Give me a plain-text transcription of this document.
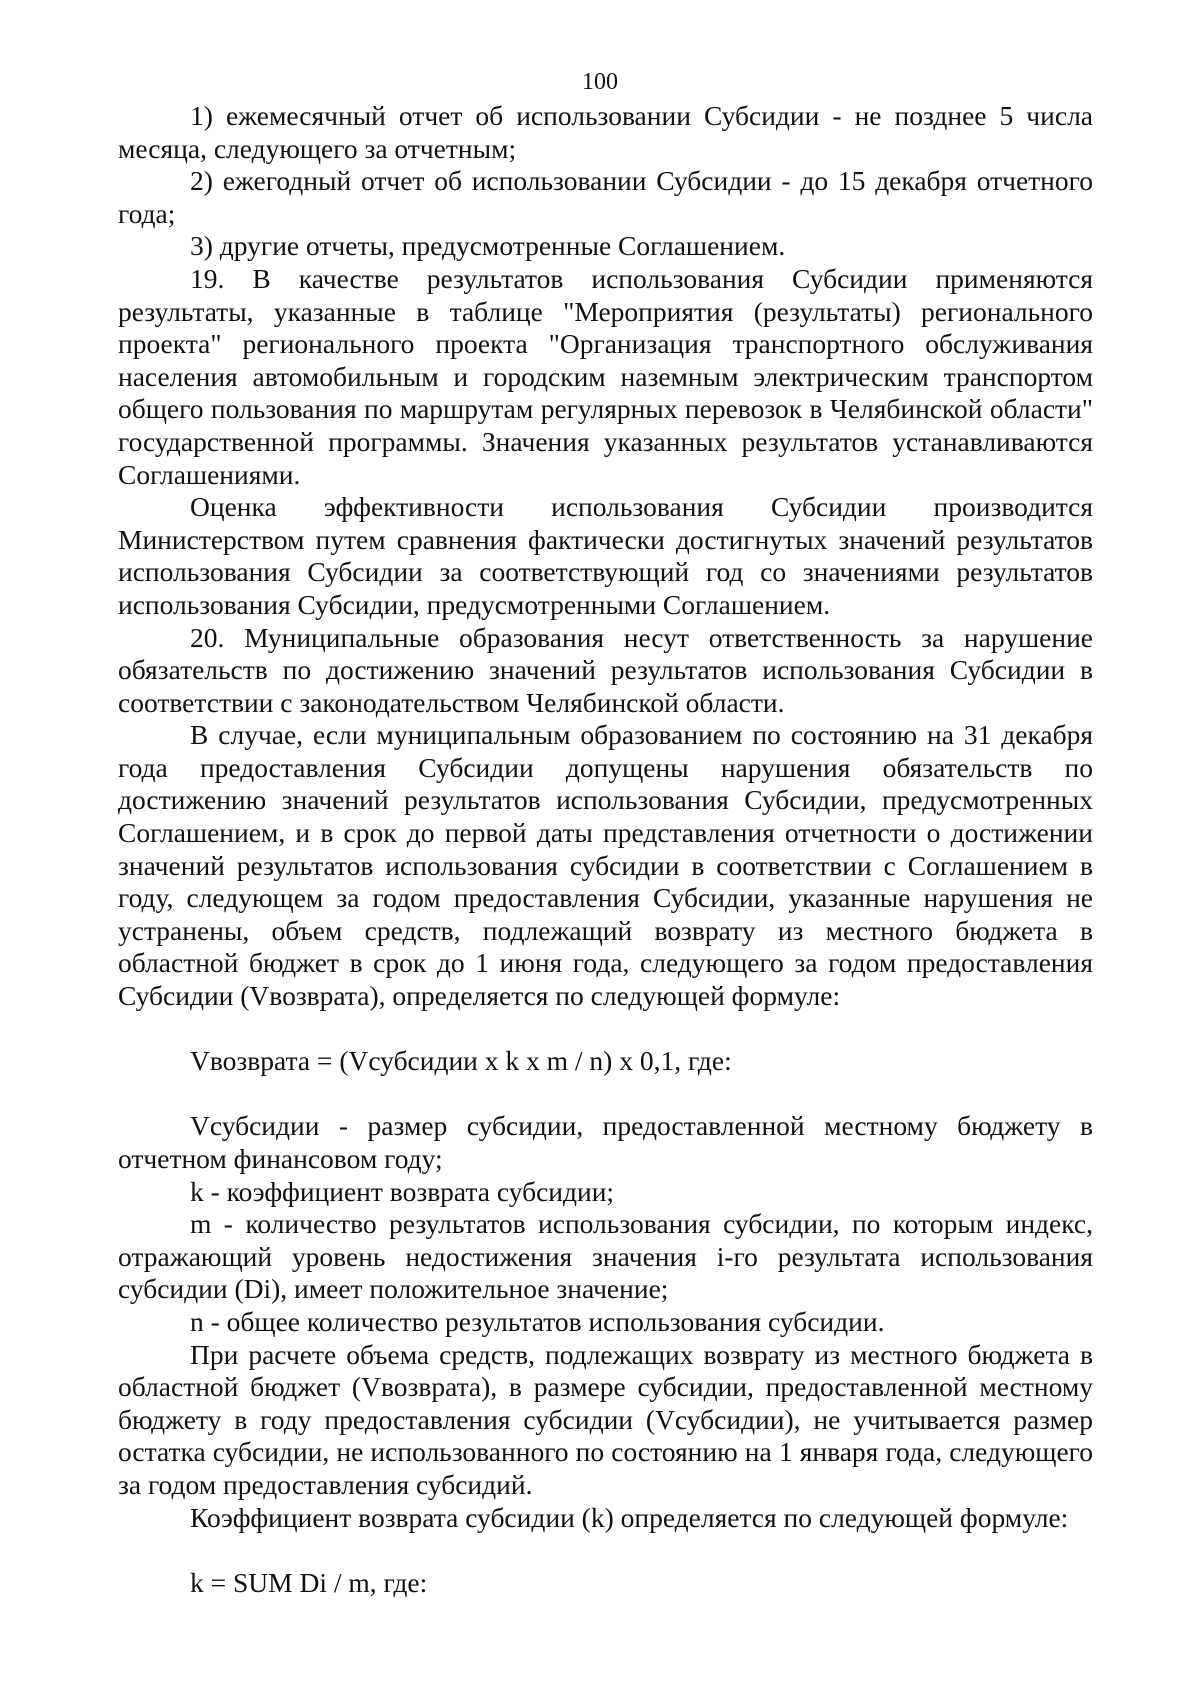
100

1) ежемесячный отчет об использовании Субсидии - не позднее 5 числа месяца, следующего за отчетным;

2) ежегодный отчет об использовании Субсидии - до 15 декабря отчетного года;

3) другие отчеты, предусмотренные Соглашением.

19. В качестве результатов использования Субсидии применяются результаты, указанные в таблице "Мероприятия (результаты) регионального проекта" регионального проекта "Организация транспортного обслуживания населения автомобильным и городским наземным электрическим транспортом общего пользования по маршрутам регулярных перевозок в Челябинской области" государственной программы. Значения указанных результатов устанавливаются Соглашениями.

Оценка эффективности использования Субсидии производится Министерством путем сравнения фактически достигнутых значений результатов использования Субсидии за соответствующий год со значениями результатов использования Субсидии, предусмотренными Соглашением.

20. Муниципальные образования несут ответственность за нарушение обязательств по достижению значений результатов использования Субсидии в соответствии с законодательством Челябинской области.

В случае, если муниципальным образованием по состоянию на 31 декабря года предоставления Субсидии допущены нарушения обязательств по достижению значений результатов использования Субсидии, предусмотренных Соглашением, и в срок до первой даты представления отчетности о достижении значений результатов использования субсидии в соответствии с Соглашением в году, следующем за годом предоставления Субсидии, указанные нарушения не устранены, объем средств, подлежащий возврату из местного бюджета в областной бюджет в срок до 1 июня года, следующего за годом предоставления Субсидии (Vвозврата), определяется по следующей формуле:

Vвозврата = (Vсубсидии x k x m / n) x 0,1, где:

Vсубсидии - размер субсидии, предоставленной местному бюджету в отчетном финансовом году;

k - коэффициент возврата субсидии;

m - количество результатов использования субсидии, по которым индекс, отражающий уровень недостижения значения i-го результата использования субсидии (Di), имеет положительное значение;

n - общее количество результатов использования субсидии.

При расчете объема средств, подлежащих возврату из местного бюджета в областной бюджет (Vвозврата), в размере субсидии, предоставленной местному бюджету в году предоставления субсидии (Vсубсидии), не учитывается размер остатка субсидии, не использованного по состоянию на 1 января года, следующего за годом предоставления субсидий.

Коэффициент возврата субсидии (k) определяется по следующей формуле:

k = SUM Di / m, где:
